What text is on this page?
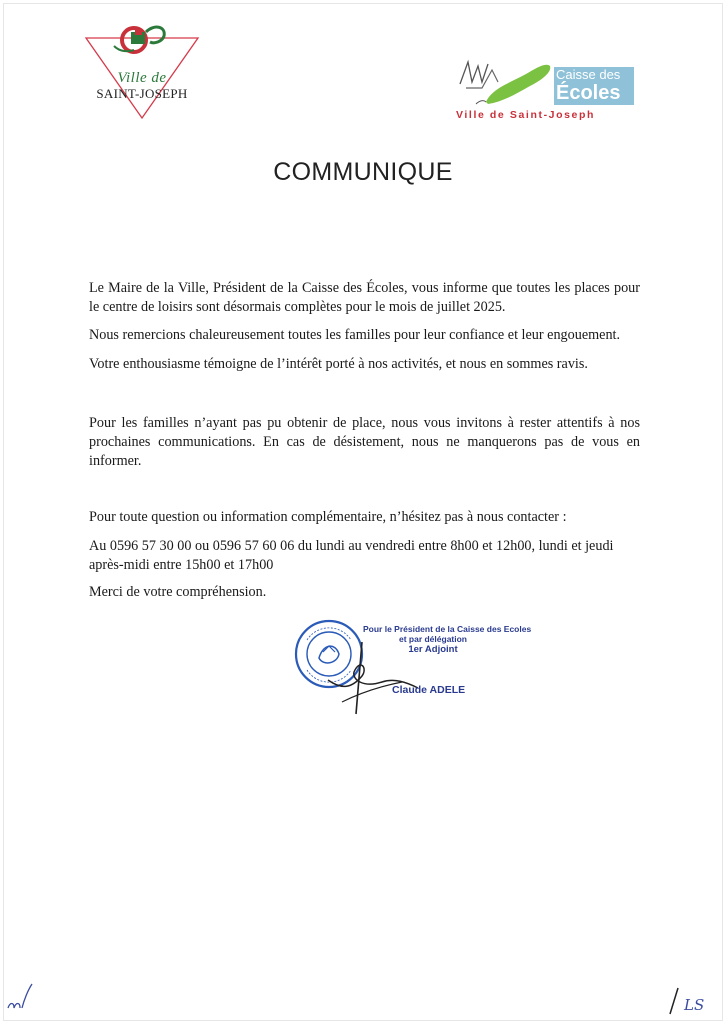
Ville de
SAINT-JOSEPH
Caisse des
Écoles
Ville de Saint-Joseph
COMMUNIQUE

Le Maire de la Ville, Président de la Caisse des Écoles, vous informe que toutes les places pour le centre de loisirs sont désormais complètes pour le mois de juillet 2025.

Nous remercions chaleureusement toutes les familles pour leur confiance et leur engouement.

Votre enthousiasme témoigne de l’intérêt porté à nos activités, et nous en sommes ravis.

Pour les familles n’ayant pas pu obtenir de place, nous vous invitons à rester attentifs à nos prochaines communications. En cas de désistement, nous ne manquerons pas de vous en informer.

Pour toute question ou information complémentaire, n’hésitez pas à nous contacter :

Au 0596 57 30 00 ou 0596 57 60 06 du lundi au vendredi entre 8h00 et 12h00, lundi et jeudi après-midi entre 15h00 et 17h00

Merci de votre compréhension.

Pour le Président de la Caisse des Ecoles
et par délégation
1er Adjoint
Claude ADELE
LS
